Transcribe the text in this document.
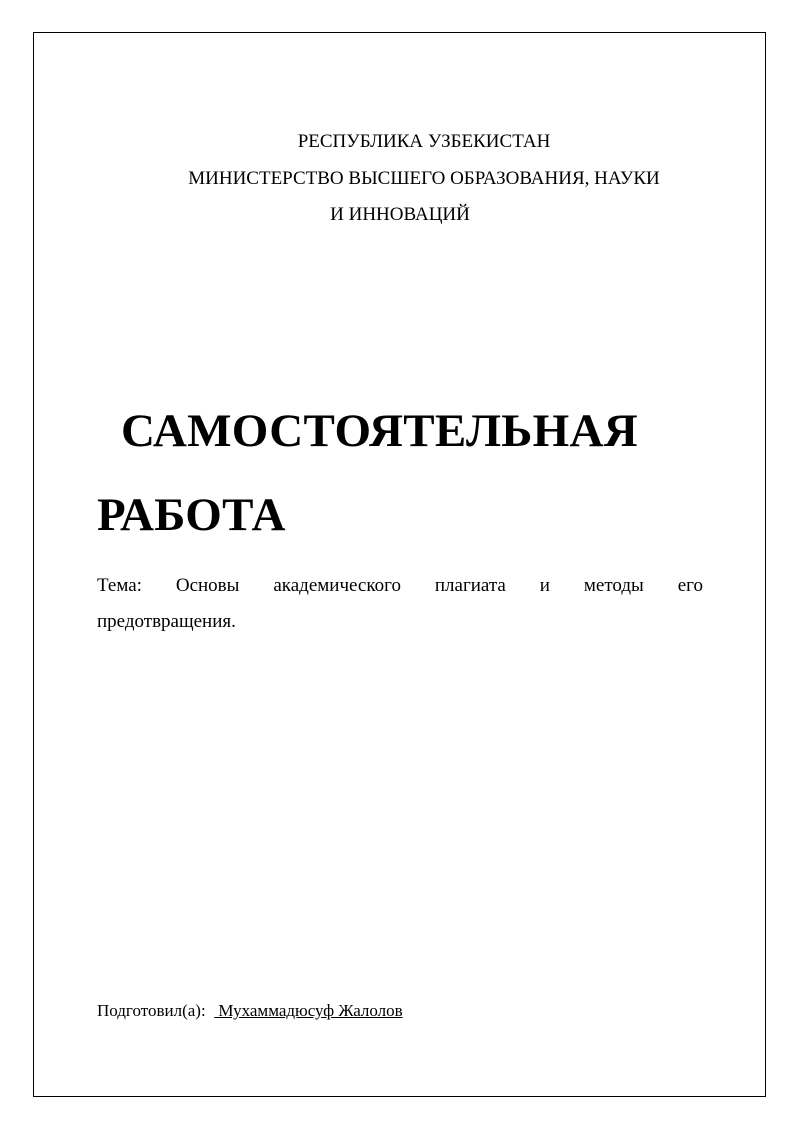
РЕСПУБЛИКА УЗБЕКИСТАН
МИНИСТЕРСТВО ВЫСШЕГО ОБРАЗОВАНИЯ, НАУКИ
И ИННОВАЦИЙ
САМОСТОЯТЕЛЬНАЯ
РАБОТА
Тема: Основы академического плагиата и методы его
предотвращения.
Подготовил(а):   Мухаммадюсуф Жалолов
